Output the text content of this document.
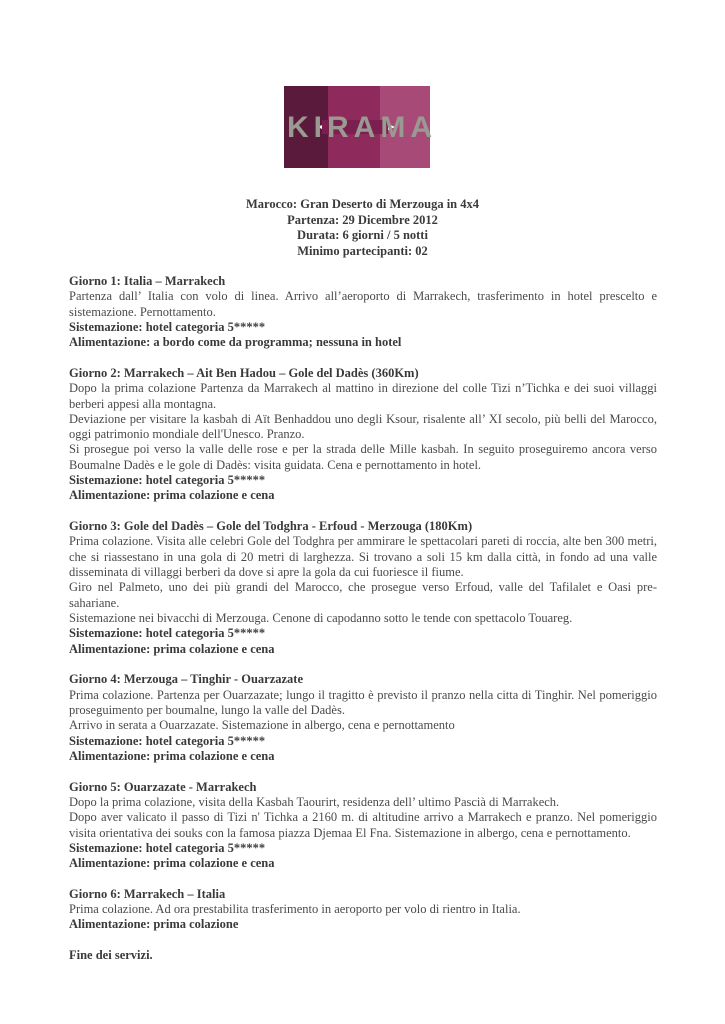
KIRAMA
Marocco: Gran Deserto di Merzouga in 4x4
Partenza: 29 Dicembre 2012
Durata: 6 giorni / 5 notti
Minimo partecipanti: 02
Giorno 1: Italia – Marrakech
Partenza dall’ Italia con volo di linea. Arrivo all’aeroporto di Marrakech, trasferimento in hotel prescelto e sistemazione. Pernottamento.
Sistemazione: hotel categoria 5*****
Alimentazione: a bordo come da programma; nessuna in hotel
Giorno 2: Marrakech – Ait Ben Hadou – Gole del Dadès (360Km)
Dopo la prima colazione Partenza da Marrakech al mattino in direzione del colle Tizi n’Tichka e dei suoi villaggi berberi appesi alla montagna.
Deviazione per visitare la kasbah di Aït Benhaddou uno degli Ksour, risalente all’ XI secolo, più belli del Marocco, oggi patrimonio mondiale dell'Unesco. Pranzo.
Si prosegue poi verso la valle delle rose e per la strada delle Mille kasbah. In seguito proseguiremo ancora verso Boumalne Dadès e le gole di Dadès: visita guidata. Cena e pernottamento in hotel.
Sistemazione: hotel categoria 5*****
Alimentazione: prima colazione e cena
Giorno 3: Gole del Dadès – Gole del Todghra - Erfoud - Merzouga (180Km)
Prima colazione. Visita alle celebri Gole del Todghra per ammirare le spettacolari pareti di roccia, alte ben 300 metri, che si riassestano in una gola di 20 metri di larghezza. Si trovano a soli 15 km dalla città, in fondo ad una valle disseminata di villaggi berberi da dove si apre la gola da cui fuoriesce il fiume.
Giro nel Palmeto, uno dei più grandi del Marocco, che prosegue verso Erfoud, valle del Tafilalet e Oasi pre-sahariane.
Sistemazione nei bivacchi di Merzouga. Cenone di capodanno sotto le tende con spettacolo Touareg.
Sistemazione: hotel categoria 5*****
Alimentazione: prima colazione e cena
Giorno 4: Merzouga – Tinghir - Ouarzazate
Prima colazione. Partenza per Ouarzazate; lungo il tragitto è previsto il pranzo nella citta di Tinghir. Nel pomeriggio proseguimento per boumalne, lungo la valle del Dadès.
Arrivo in serata a Ouarzazate. Sistemazione in albergo, cena e pernottamento
Sistemazione: hotel categoria 5*****
Alimentazione: prima colazione e cena
Giorno 5: Ouarzazate - Marrakech
Dopo la prima colazione, visita della Kasbah Taourirt, residenza dell’ ultimo Pascià di Marrakech.
Dopo aver valicato il passo di Tizi n' Tichka a 2160 m. di altitudine arrivo a Marrakech e pranzo. Nel pomeriggio visita orientativa dei souks con la famosa piazza Djemaa El Fna. Sistemazione in albergo, cena e pernottamento.
Sistemazione: hotel categoria 5*****
Alimentazione: prima colazione e cena
Giorno 6: Marrakech – Italia
Prima colazione. Ad ora prestabilita trasferimento in aeroporto per volo di rientro in Italia.
Alimentazione: prima colazione
Fine dei servizi.
